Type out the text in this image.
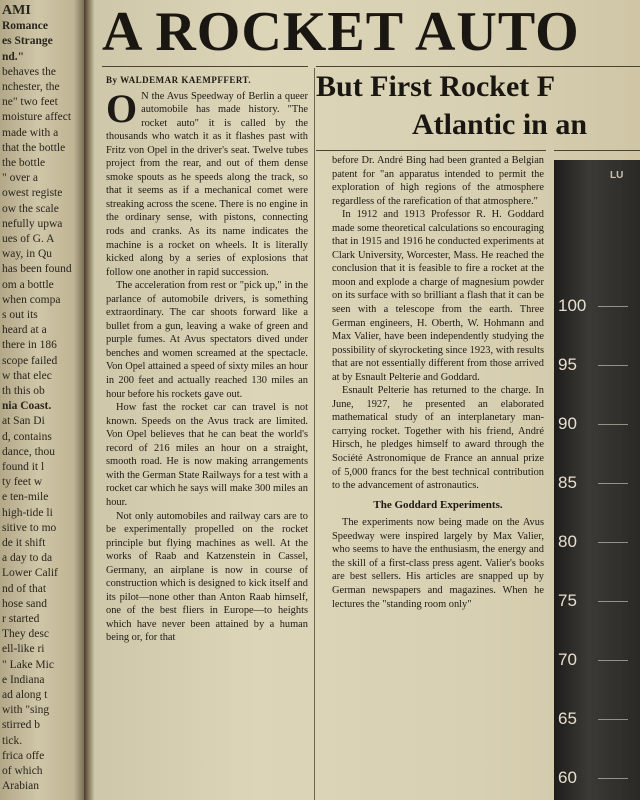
AMI
Romance
es Strange
nd."
behaves the
nchester, the
ne" two feet
moisture affect
made with a
that the bottle
the bottle
" over a
owest registe
ow the scale
nefully upwa
ues of G. A
way, in Qu
has been found
om a bottle
when compa
s out its
heard at a
there in 186
scope failed
w that elec
th this ob
nia Coast.
at San Di
d, contains
dance, thou
found it l
ty feet w
e ten-mile
high-tide li
sitive to mo
de it shift
a day to da
Lower Calif
nd of that
hose sand
r started
They desc
ell-like ri
" Lake Mic
e Indiana
ad along t
with "sing
stirred b
tick.
frica offe
of which
Arabian
A ROCKET AUTO
But First Rocket F
Atlantic in an
By WALDEMAR KAEMPFFERT.

O N the Avus Speedway of Berlin a queer automobile has made history. "The rocket auto" it is called by the thousands who watch it as it flashes past with Fritz von Opel in the driver's seat. Twelve tubes project from the rear, and out of them dense smoke spouts as he speeds along the track, so that it seems as if a mechanical comet were streaking across the scene. There is no engine in the ordinary sense, with pistons, connecting rods and cranks. As its name indicates the machine is a rocket on wheels. It is literally kicked along by a series of explosions that follow one another in rapid succession.

The acceleration from rest or "pick up," in the parlance of automobile drivers, is something extraordinary. The car shoots forward like a bullet from a gun, leaving a wake of green and purple fumes. At Avus spectators dived under benches and women screamed at the spectacle. Von Opel attained a speed of sixty miles an hour in 200 feet and actually reached 130 miles an hour before his rockets gave out.

How fast the rocket car can travel is not known. Speeds on the Avus track are limited. Von Opel believes that he can beat the world's record of 216 miles an hour on a straight, smooth road. He is now making arrangements with the German State Railways for a test with a rocket car which he says will make 300 miles an hour.

Not only automobiles and railway cars are to be experimentally propelled on the rocket principle but flying machines as well. At the works of Raab and Katzenstein in Cassel, Germany, an airplane is now in course of construction which is designed to kick itself and its pilot—none other than Anton Raab himself, one of the best fliers in Europe—to heights which have never been attained by a human being or, for that

before Dr. André Bing had been granted a Belgian patent for "an apparatus intended to permit the exploration of high regions of the atmosphere regardless of the rarefication of that atmosphere."

In 1912 and 1913 Professor R. H. Goddard made some theoretical calculations so encouraging that in 1915 and 1916 he conducted experiments at Clark University, Worcester, Mass. He reached the conclusion that it is feasible to fire a rocket at the moon and explode a charge of magnesium powder on its surface with so brilliant a flash that it can be seen with a telescope from the earth. Three German engineers, H. Oberth, W. Hohmann and Max Valier, have been independently studying the possibility of skyrocketing since 1923, with results that are not essentially different from those arrived at by Esnault Pelterie and Goddard.

Esnault Pelterie has returned to the charge. In June, 1927, he presented an elaborated mathematical study of an interplanetary man-carrying rocket. Together with his friend, André Hirsch, he pledges himself to award through the Société Astronomique de France an annual prize of 5,000 francs for the best technical contribution to the advancement of astronautics.

The Goddard Experiments.

The experiments now being made on the Avus Speedway were inspired largely by Max Valier, who seems to have the enthusiasm, the energy and the skill of a first-class press agent. Valier's books are best sellers. His articles are snapped up by German newspapers and magazines. When he lectures the "standing room only"

LU
100
95
90
85
80
75
70
65
60
